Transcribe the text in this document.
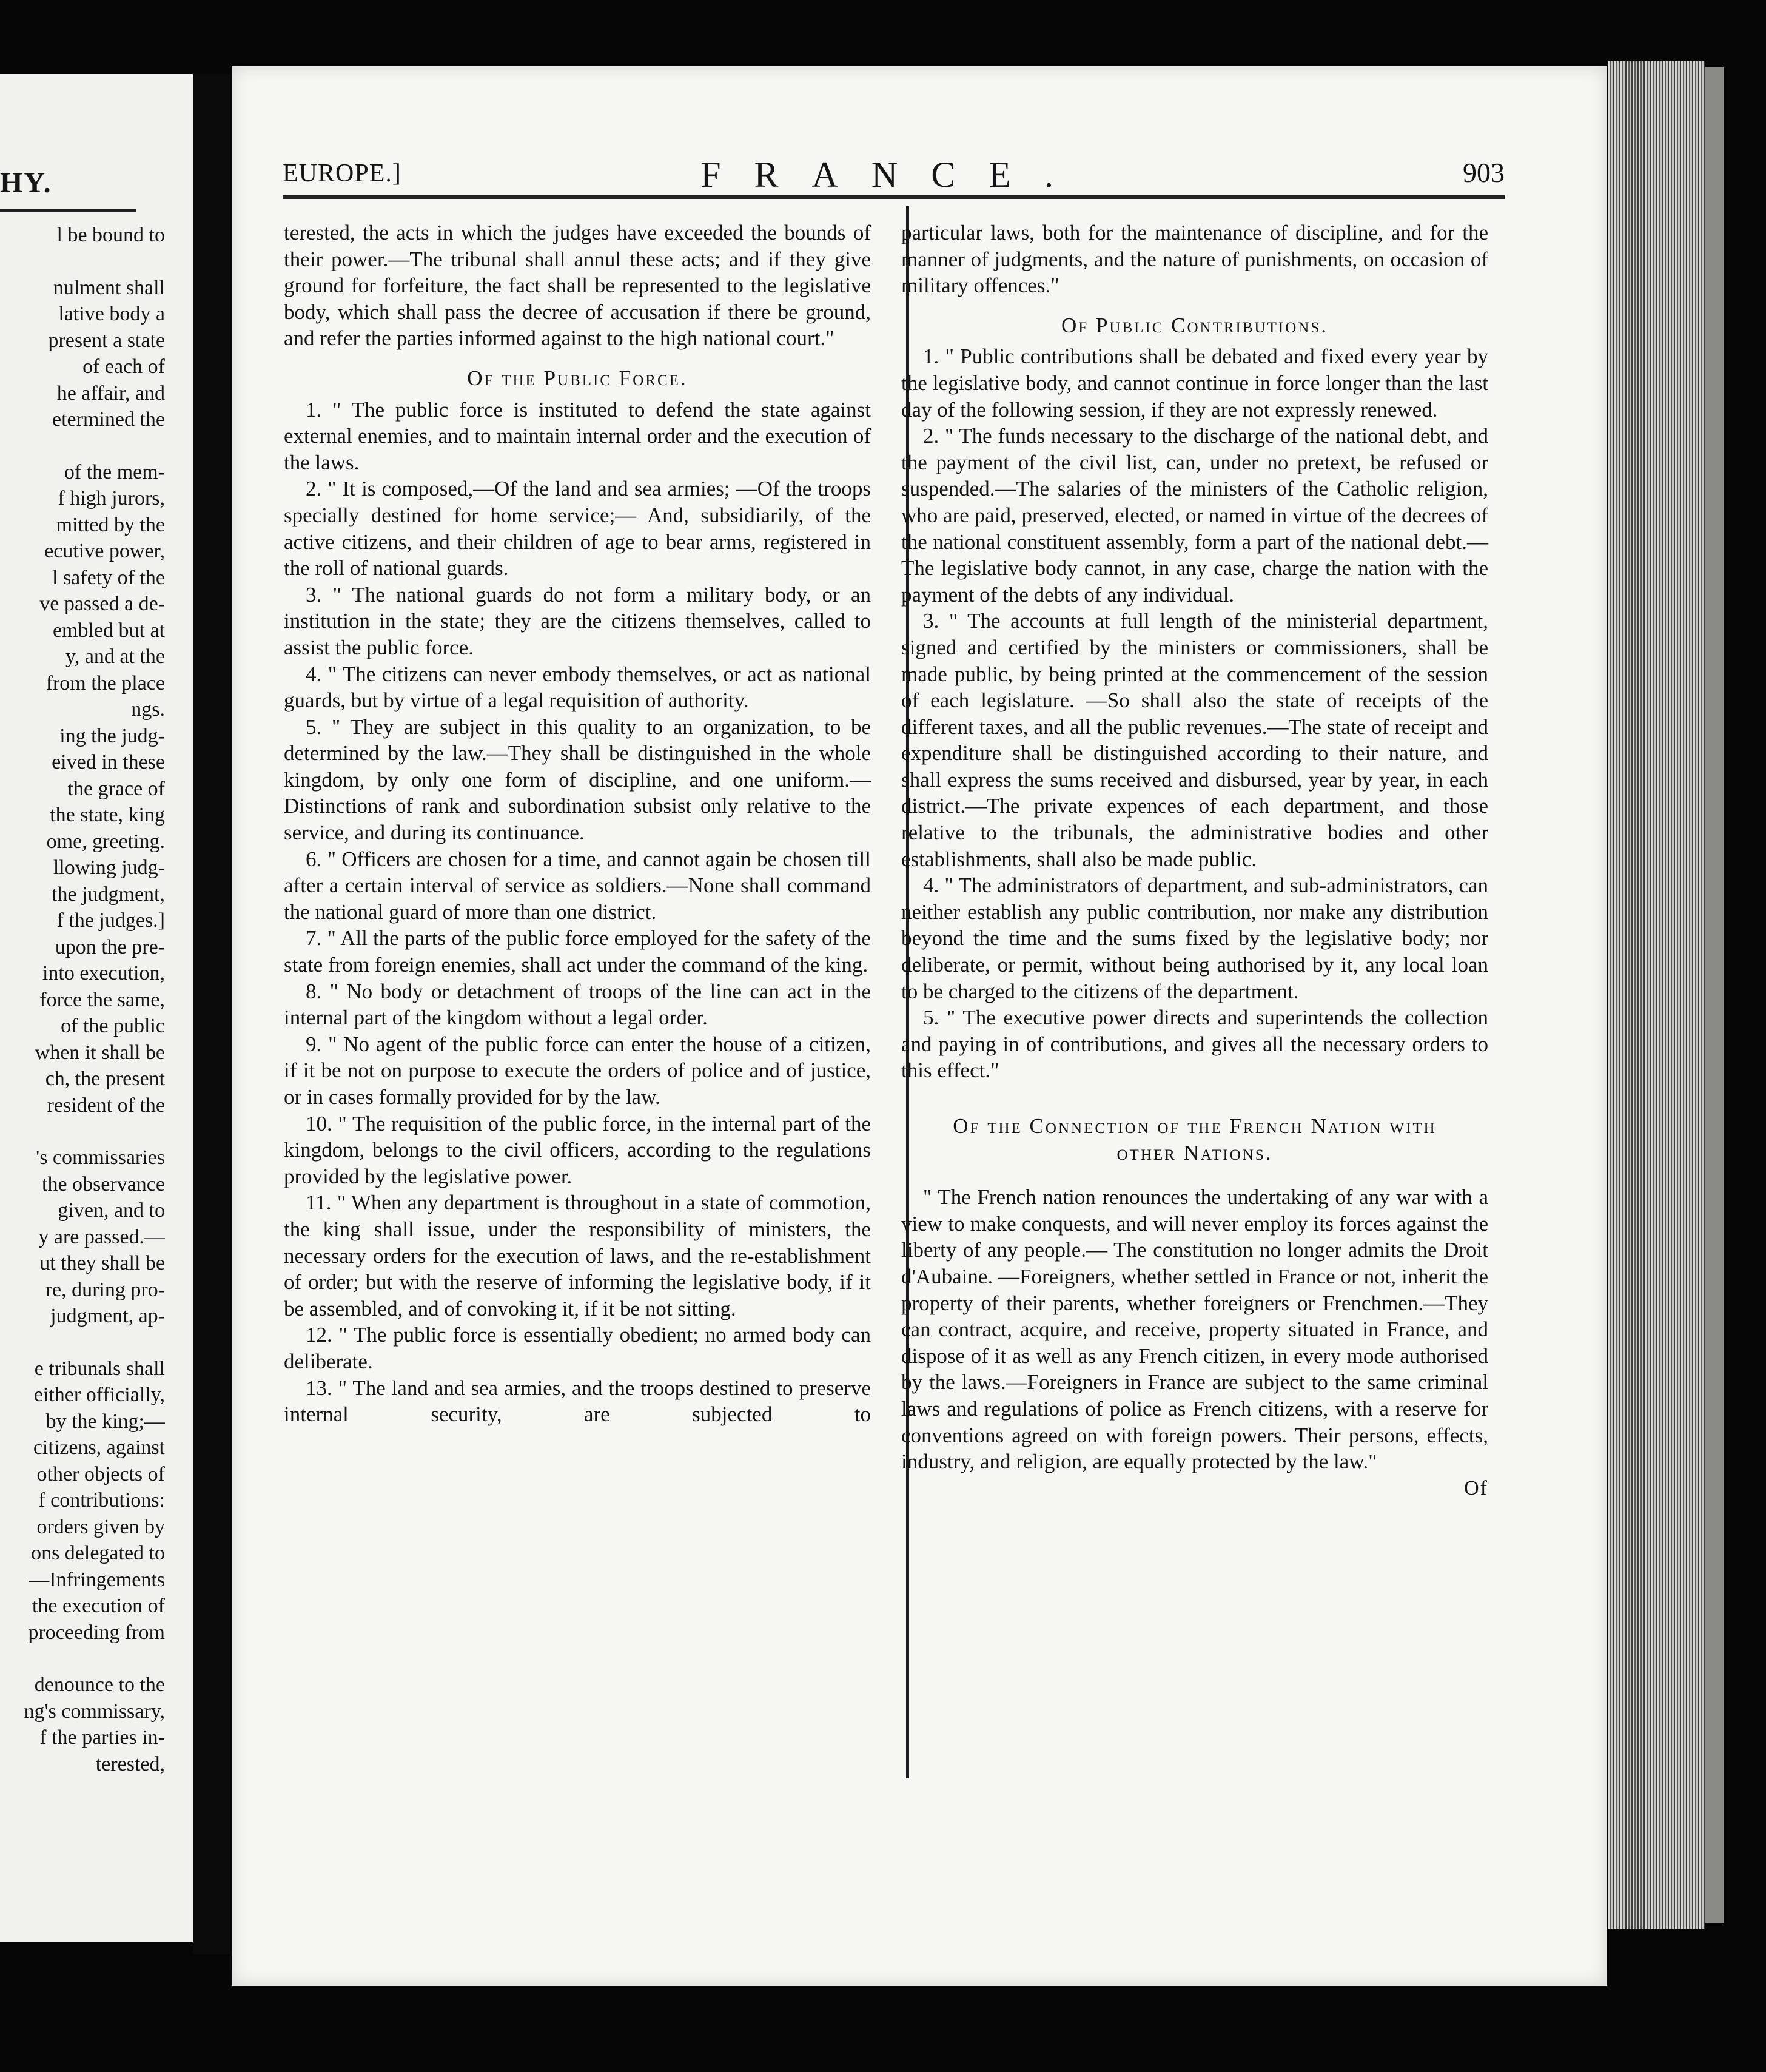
HY.
l be bound to
nulment shall
lative body a
present a state
of each of
he affair, and
etermined the
of the mem-
f high jurors,
mitted by the
ecutive power,
l safety of the
ve passed a de-
embled but at
y, and at the
from the place
ngs.
ing the judg-
eived in these
the grace of
the state, king
ome, greeting.
llowing judg-
the judgment,
f the judges.]
upon the pre-
into execution,
force the same,
of the public
when it shall be
ch, the present
resident of the
's commissaries
the observance
given, and to
y are passed.—
ut they shall be
re, during pro-
judgment, ap-
e tribunals shall
either officially,
by the king;—
citizens, against
other objects of
f contributions:
orders given by
ons delegated to
—Infringements
the execution of
proceeding from
denounce to the
ng's commissary,
f the parties in-
terested,
EUROPE.]	FRANCE.	903

terested, the acts in which the judges have exceeded the bounds of their power.—The tribunal shall annul these acts; and if they give ground for forfeiture, the fact shall be represented to the legislative body, which shall pass the decree of accusation if there be ground, and refer the parties informed against to the high national court."

Of the Public Force.

1. " The public force is instituted to defend the state against external enemies, and to maintain internal order and the execution of the laws.

2. " It is composed,—Of the land and sea armies; —Of the troops specially destined for home service;— And, subsidiarily, of the active citizens, and their children of age to bear arms, registered in the roll of national guards.

3. " The national guards do not form a military body, or an institution in the state; they are the citizens themselves, called to assist the public force.

4. " The citizens can never embody themselves, or act as national guards, but by virtue of a legal requisition of authority.

5. " They are subject in this quality to an organization, to be determined by the law.—They shall be distinguished in the whole kingdom, by only one form of discipline, and one uniform.—Distinctions of rank and subordination subsist only relative to the service, and during its continuance.

6. " Officers are chosen for a time, and cannot again be chosen till after a certain interval of service as soldiers.—None shall command the national guard of more than one district.

7. " All the parts of the public force employed for the safety of the state from foreign enemies, shall act under the command of the king.

8. " No body or detachment of troops of the line can act in the internal part of the kingdom without a legal order.

9. " No agent of the public force can enter the house of a citizen, if it be not on purpose to execute the orders of police and of justice, or in cases formally provided for by the law.

10. " The requisition of the public force, in the internal part of the kingdom, belongs to the civil officers, according to the regulations provided by the legislative power.

11. " When any department is throughout in a state of commotion, the king shall issue, under the responsibility of ministers, the necessary orders for the execution of laws, and the re-establishment of order; but with the reserve of informing the legislative body, if it be assembled, and of convoking it, if it be not sitting.

12. " The public force is essentially obedient; no armed body can deliberate.

13. " The land and sea armies, and the troops destined to preserve internal security, are subjected to

particular laws, both for the maintenance of discipline, and for the manner of judgments, and the nature of punishments, on occasion of military offences."

Of Public Contributions.

1. " Public contributions shall be debated and fixed every year by the legislative body, and cannot continue in force longer than the last day of the following session, if they are not expressly renewed.

2. " The funds necessary to the discharge of the national debt, and the payment of the civil list, can, under no pretext, be refused or suspended.—The salaries of the ministers of the Catholic religion, who are paid, preserved, elected, or named in virtue of the decrees of the national constituent assembly, form a part of the national debt.—The legislative body cannot, in any case, charge the nation with the payment of the debts of any individual.

3. " The accounts at full length of the ministerial department, signed and certified by the ministers or commissioners, shall be made public, by being printed at the commencement of the session of each legislature. —So shall also the state of receipts of the different taxes, and all the public revenues.—The state of receipt and expenditure shall be distinguished according to their nature, and shall express the sums received and disbursed, year by year, in each district.—The private expences of each department, and those relative to the tribunals, the administrative bodies and other establishments, shall also be made public.

4. " The administrators of department, and sub-administrators, can neither establish any public contribution, nor make any distribution beyond the time and the sums fixed by the legislative body; nor deliberate, or permit, without being authorised by it, any local loan to be charged to the citizens of the department.

5. " The executive power directs and superintends the collection and paying in of contributions, and gives all the necessary orders to this effect."

Of the Connection of the French Nation with other Nations.

" The French nation renounces the undertaking of any war with a view to make conquests, and will never employ its forces against the liberty of any people.— The constitution no longer admits the Droit d'Aubaine. —Foreigners, whether settled in France or not, inherit the property of their parents, whether foreigners or Frenchmen.—They can contract, acquire, and receive, property situated in France, and dispose of it as well as any French citizen, in every mode authorised by the laws.—Foreigners in France are subject to the same criminal laws and regulations of police as French citizens, with a reserve for conventions agreed on with foreign powers. Their persons, effects, industry, and religion, are equally protected by the law."

Of
